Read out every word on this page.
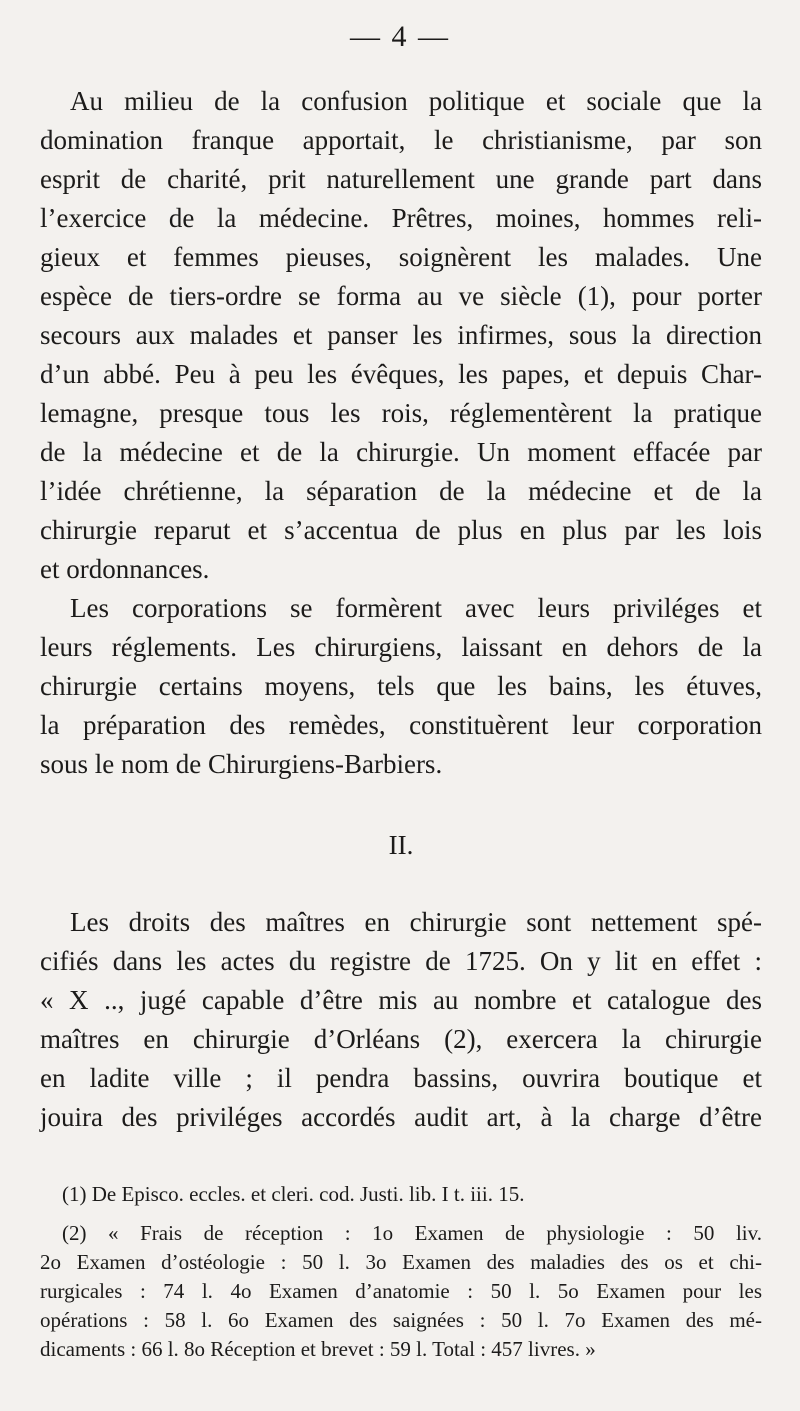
— 4 —

Au milieu de la confusion politique et sociale que la
domination franque apportait, le christianisme, par son
esprit de charité, prit naturellement une grande part dans
l’exercice de la médecine. Prêtres, moines, hommes reli-
gieux et femmes pieuses, soignèrent les malades. Une
espèce de tiers-ordre se forma au ve siècle (1), pour porter
secours aux malades et panser les infirmes, sous la direction
d’un abbé. Peu à peu les évêques, les papes, et depuis Char-
lemagne, presque tous les rois, réglementèrent la pratique
de la médecine et de la chirurgie. Un moment effacée par
l’idée chrétienne, la séparation de la médecine et de la
chirurgie reparut et s’accentua de plus en plus par les lois
et ordonnances.

Les corporations se formèrent avec leurs priviléges et
leurs réglements. Les chirurgiens, laissant en dehors de la
chirurgie certains moyens, tels que les bains, les étuves,
la préparation des remèdes, constituèrent leur corporation
sous le nom de Chirurgiens-Barbiers.

II.

Les droits des maîtres en chirurgie sont nettement spé-
cifiés dans les actes du registre de 1725. On y lit en effet :
« X .., jugé capable d’être mis au nombre et catalogue des
maîtres en chirurgie d’Orléans (2), exercera la chirurgie
en ladite ville ; il pendra bassins, ouvrira boutique et
jouira des priviléges accordés audit art, à la charge d’être

(1) De Episco. eccles. et cleri. cod. Justi. lib. I t. iii. 15.

(2) « Frais de réception : 1o Examen de physiologie : 50 liv.
2o Examen d’ostéologie : 50 l. 3o Examen des maladies des os et chi-
rurgicales : 74 l. 4o Examen d’anatomie : 50 l. 5o Examen pour les
opérations : 58 l. 6o Examen des saignées : 50 l. 7o Examen des mé-
dicaments : 66 l. 8o Réception et brevet : 59 l. Total : 457 livres. »
